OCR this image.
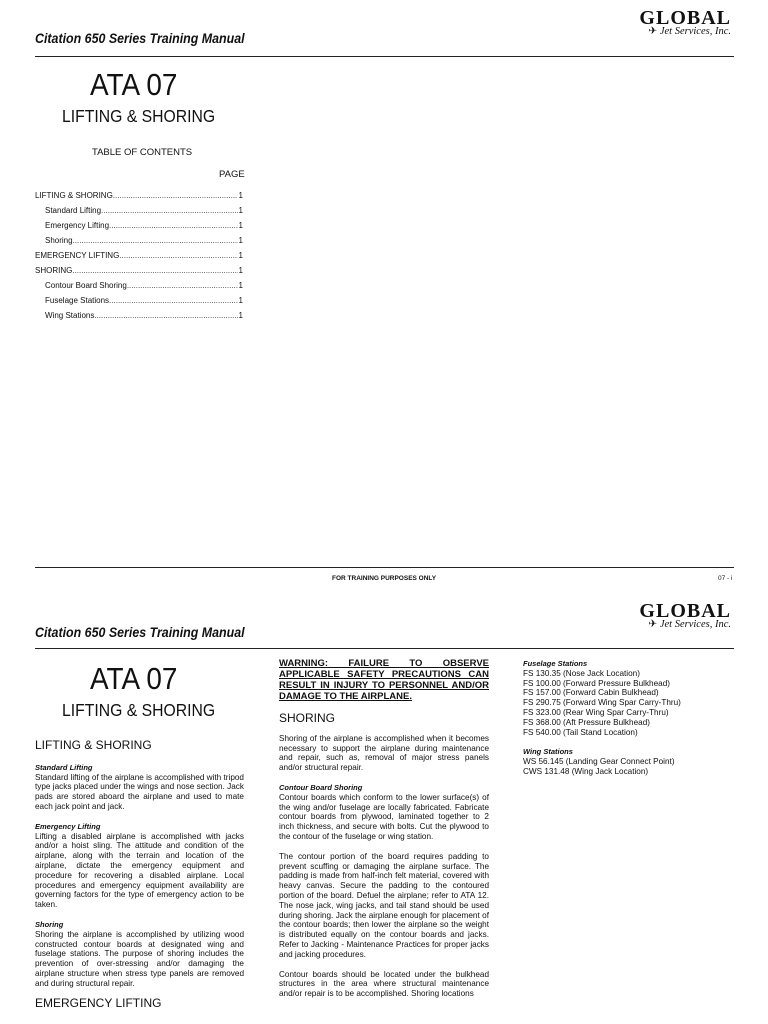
Citation 650 Series Training Manual
GLOBAL
✈ Jet Services, Inc.
ATA 07
LIFTING & SHORING
TABLE OF CONTENTS
PAGE
LIFTING & SHORING .....	1
Standard Lifting .....	1
Emergency Lifting .....	1
Shoring .....	1
EMERGENCY LIFTING .....	1
SHORING .....	1
Contour Board Shoring .....	1
Fuselage Stations .....	1
Wing Stations .....	1
FOR TRAINING PURPOSES ONLY	07 - i
Citation 650 Series Training Manual
GLOBAL
✈ Jet Services, Inc.
ATA 07
LIFTING & SHORING
LIFTING & SHORING
Standard Lifting
Standard lifting of the airplane is accomplished with tripod type jacks placed under the wings and nose section. Jack pads are stored aboard the airplane and used to mate each jack point and jack.
Emergency Lifting
Lifting a disabled airplane is accomplished with jacks and/or a hoist sling. The attitude and condition of the airplane, along with the terrain and location of the airplane, dictate the emergency equipment and procedure for recovering a disabled airplane. Local procedures and emergency equipment availability are governing factors for the type of emergency action to be taken.
Shoring
Shoring the airplane is accomplished by utilizing wood constructed contour boards at designated wing and fuselage stations. The purpose of shoring includes the prevention of over-stressing and/or damaging the airplane structure when stress type panels are removed and during structural repair.
EMERGENCY LIFTING
WARNING: FAILURE TO OBSERVE APPLICABLE SAFETY PRECAUTIONS CAN RESULT IN INJURY TO PERSONNEL AND/OR DAMAGE TO THE AIRPLANE.
SHORING
Shoring of the airplane is accomplished when it becomes necessary to support the airplane during maintenance and repair, such as, removal of major stress panels and/or structural repair.
Contour Board Shoring
Contour boards which conform to the lower surface(s) of the wing and/or fuselage are locally fabricated. Fabricate contour boards from plywood, laminated together to 2 inch thickness, and secure with bolts. Cut the plywood to the contour of the fuselage or wing station.
The contour portion of the board requires padding to prevent scuffing or damaging the airplane surface. The padding is made from half-inch felt material, covered with heavy canvas. Secure the padding to the contoured portion of the board. Defuel the airplane; refer to ATA 12. The nose jack, wing jacks, and tail stand should be used during shoring. Jack the airplane enough for placement of the contour boards; then lower the airplane so the weight is distributed equally on the contour boards and jacks. Refer to Jacking - Maintenance Practices for proper jacks and jacking procedures.
Contour boards should be located under the bulkhead structures in the area where structural maintenance and/or repair is to be accomplished. Shoring locations
Fuselage Stations
FS 130.35 (Nose Jack Location)
FS 100.00 (Forward Pressure Bulkhead)
FS 157.00 (Forward Cabin Bulkhead)
FS 290.75 (Forward Wing Spar Carry-Thru)
FS 323.00 (Rear Wing Spar Carry-Thru)
FS 368.00 (Aft Pressure Bulkhead)
FS 540.00 (Tail Stand Location)
Wing Stations
WS 56.145 (Landing Gear Connect Point)
CWS 131.48 (Wing Jack Location)
